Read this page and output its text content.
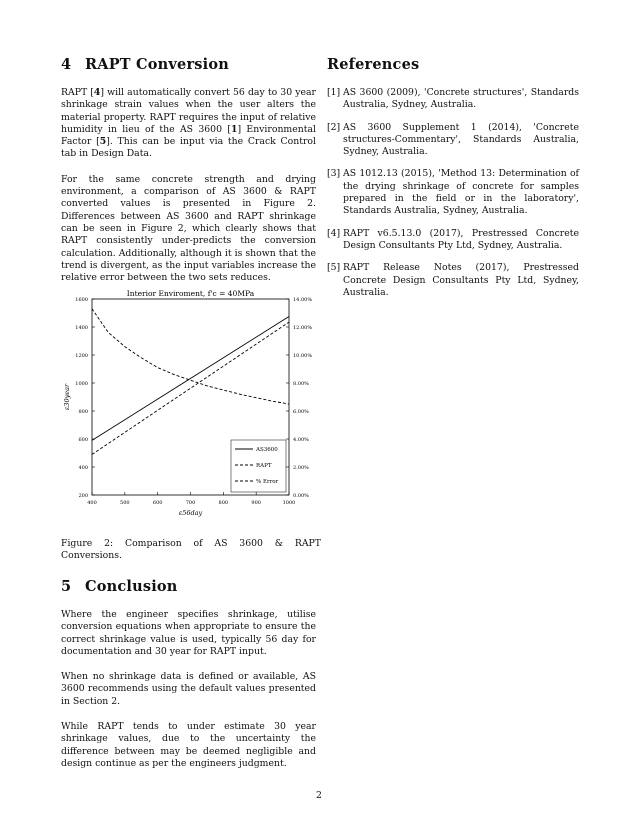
4 RAPT Conversion

RAPT [4] will automatically convert 56 day to 30 year shrinkage strain values when the user alters the material property. RAPT requires the input of relative humidity in lieu of the AS 3600 [1] Environmental Factor [5]. This can be input via the Crack Control tab in Design Data.

For the same concrete strength and drying environment, a comparison of AS 3600 & RAPT converted values is presented in Figure 2. Differences between AS 3600 and RAPT shrinkage can be seen in Figure 2, which clearly shows that RAPT consistently under-predicts the conversion calculation. Additionally, although it is shown that the trend is divergent, as the input variables increase the relative error between the two sets reduces.

Interior Enviroment, f'c = 40MPa
400	500	600	700	800	900	1000
200
400
600
800
1000
1200
1400
1600
0.00%
2.00%
4.00%
6.00%
8.00%
10.00%
12.00%
14.00%
ε56day
ε30year
AS3600
RAPT
% Error

Figure 2: Comparison of AS 3600 & RAPT Conversions.

5 Conclusion

Where the engineer specifies shrinkage, utilise conversion equations when appropriate to ensure the correct shrinkage value is used, typically 56 day for documentation and 30 year for RAPT input.

When no shrinkage data is defined or available, AS 3600 recommends using the default values presented in Section 2.

While RAPT tends to under estimate 30 year shrinkage values, due to the uncertainty the difference between may be deemed negligible and design continue as per the engineers judgment.

References
[1] AS 3600 (2009), 'Concrete structures', Standards Australia, Sydney, Australia.
[2] AS 3600 Supplement 1 (2014), 'Concrete structures-Commentary', Standards Australia, Sydney, Australia.
[3] AS 1012.13 (2015), 'Method 13: Determination of the drying shrinkage of concrete for samples prepared in the field or in the laboratory', Standards Australia, Sydney, Australia.
[4] RAPT v6.5.13.0 (2017), Prestressed Concrete Design Consultants Pty Ltd, Sydney, Australia.
[5] RAPT Release Notes (2017), Prestressed Concrete Design Consultants Pty Ltd, Sydney, Australia.
2
